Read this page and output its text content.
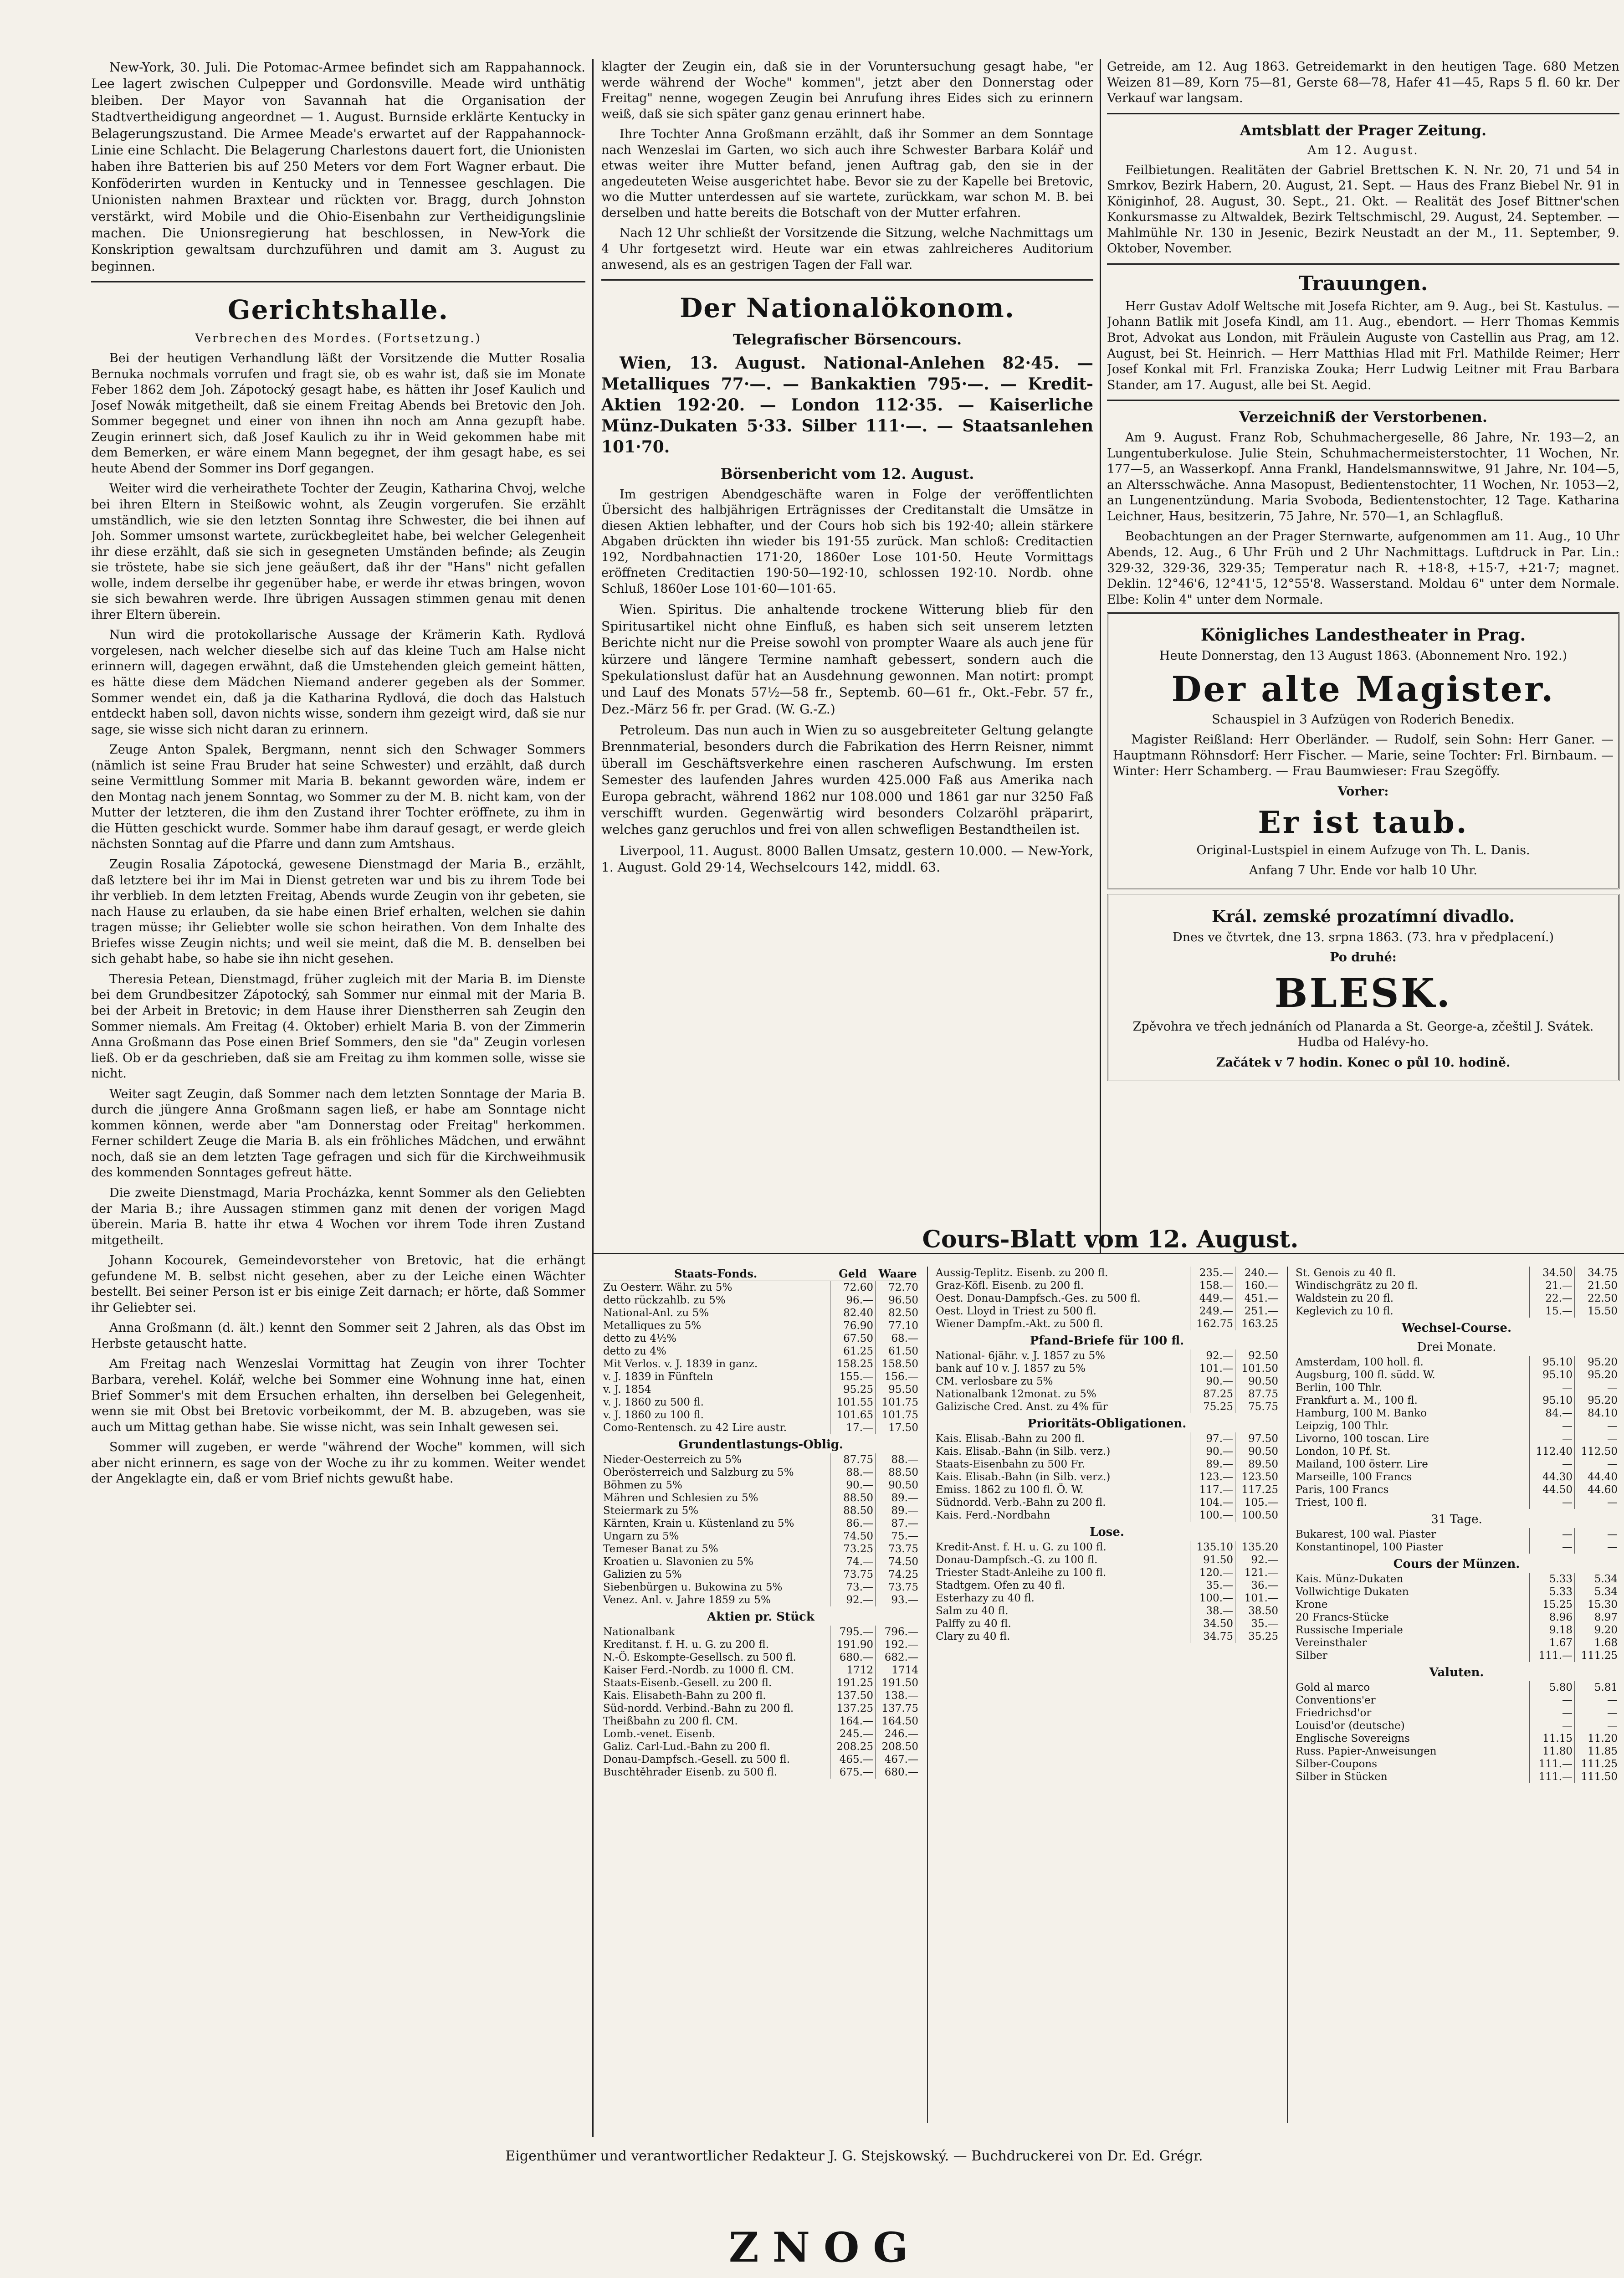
New-York, 30. Juli. Die Potomac-Armee befindet sich am Rappahannock. Lee lagert zwischen Culpepper und Gordonsville. Meade wird unthätig bleiben. Der Mayor von Savannah hat die Organisation der Stadtvertheidigung angeordnet — 1. August. Burnside erklärte Kentucky in Belagerungszustand. Die Armee Meade's erwartet auf der Rappahannock-Linie eine Schlacht. Die Belagerung Charlestons dauert fort, die Unionisten haben ihre Batterien bis auf 250 Meters vor dem Fort Wagner erbaut. Die Konföderirten wurden in Kentucky und in Tennessee geschlagen. Die Unionisten nahmen Braxtear und rückten vor. Bragg, durch Johnston verstärkt, wird Mobile und die Ohio-Eisenbahn zur Vertheidigungslinie machen. Die Unionsregierung hat beschlossen, in New-York die Konskription gewaltsam durchzuführen und damit am 3. August zu beginnen.

Gerichtshalle.
Verbrechen des Mordes. (Fortsetzung.)

Bei der heutigen Verhandlung läßt der Vorsitzende die Mutter Rosalia Bernuka nochmals vorrufen und fragt sie, ob es wahr ist, daß sie im Monate Feber 1862 dem Joh. Zápotocký gesagt habe, es hätten ihr Josef Kaulich und Josef Nowák mitgetheilt, daß sie einem Freitag Abends bei Bretovic den Joh. Sommer begegnet und einer von ihnen ihn noch am Anna gezupft habe. Zeugin erinnert sich, daß Josef Kaulich zu ihr in Weid gekommen habe mit dem Bemerken, er wäre einem Mann begegnet, der ihm gesagt habe, es sei heute Abend der Sommer ins Dorf gegangen.

Weiter wird die verheirathete Tochter der Zeugin, Katharina Chvoj, welche bei ihren Eltern in Steißowic wohnt, als Zeugin vorgerufen. Sie erzählt umständlich, wie sie den letzten Sonntag ihre Schwester, die bei ihnen auf Joh. Sommer umsonst wartete, zurückbegleitet habe, bei welcher Gelegenheit ihr diese erzählt, daß sie sich in gesegneten Umständen befinde; als Zeugin sie tröstete, habe sie sich jene geäußert, daß ihr der "Hans" nicht gefallen wolle, indem derselbe ihr gegenüber habe, er werde ihr etwas bringen, wovon sie sich bewahren werde. Ihre übrigen Aussagen stimmen genau mit denen ihrer Eltern überein.

Nun wird die protokollarische Aussage der Krämerin Kath. Rydlová vorgelesen, nach welcher dieselbe sich auf das kleine Tuch am Halse nicht erinnern will, dagegen erwähnt, daß die Umstehenden gleich gemeint hätten, es hätte diese dem Mädchen Niemand anderer gegeben als der Sommer. Sommer wendet ein, daß ja die Katharina Rydlová, die doch das Halstuch entdeckt haben soll, davon nichts wisse, sondern ihm gezeigt wird, daß sie nur sage, sie wisse sich nicht daran zu erinnern.

Zeuge Anton Spalek, Bergmann, nennt sich den Schwager Sommers (nämlich ist seine Frau Bruder hat seine Schwester) und erzählt, daß durch seine Vermittlung Sommer mit Maria B. bekannt geworden wäre, indem er den Montag nach jenem Sonntag, wo Sommer zu der M. B. nicht kam, von der Mutter der letzteren, die ihm den Zustand ihrer Tochter eröffnete, zu ihm in die Hütten geschickt wurde. Sommer habe ihm darauf gesagt, er werde gleich nächsten Sonntag auf die Pfarre und dann zum Amtshaus.

Zeugin Rosalia Zápotocká, gewesene Dienstmagd der Maria B., erzählt, daß letztere bei ihr im Mai in Dienst getreten war und bis zu ihrem Tode bei ihr verblieb. In dem letzten Freitag, Abends wurde Zeugin von ihr gebeten, sie nach Hause zu erlauben, da sie habe einen Brief erhalten, welchen sie dahin tragen müsse; ihr Geliebter wolle sie schon heirathen. Von dem Inhalte des Briefes wisse Zeugin nichts; und weil sie meint, daß die M. B. denselben bei sich gehabt habe, so habe sie ihn nicht gesehen.

Theresia Petean, Dienstmagd, früher zugleich mit der Maria B. im Dienste bei dem Grundbesitzer Zápotocký, sah Sommer nur einmal mit der Maria B. bei der Arbeit in Bretovic; in dem Hause ihrer Dienstherren sah Zeugin den Sommer niemals. Am Freitag (4. Oktober) erhielt Maria B. von der Zimmerin Anna Großmann das Pose einen Brief Sommers, den sie "da" Zeugin vorlesen ließ. Ob er da geschrieben, daß sie am Freitag zu ihm kommen solle, wisse sie nicht.

Weiter sagt Zeugin, daß Sommer nach dem letzten Sonntage der Maria B. durch die jüngere Anna Großmann sagen ließ, er habe am Sonntage nicht kommen können, werde aber "am Donnerstag oder Freitag" herkommen. Ferner schildert Zeuge die Maria B. als ein fröhliches Mädchen, und erwähnt noch, daß sie an dem letzten Tage gefragen und sich für die Kirchweihmusik des kommenden Sonntages gefreut hätte.

Die zweite Dienstmagd, Maria Procházka, kennt Sommer als den Geliebten der Maria B.; ihre Aussagen stimmen ganz mit denen der vorigen Magd überein. Maria B. hatte ihr etwa 4 Wochen vor ihrem Tode ihren Zustand mitgetheilt.

Johann Kocourek, Gemeindevorsteher von Bretovic, hat die erhängt gefundene M. B. selbst nicht gesehen, aber zu der Leiche einen Wächter bestellt. Bei seiner Person ist er bis einige Zeit darnach; er hörte, daß Sommer ihr Geliebter sei.

Anna Großmann (d. ält.) kennt den Sommer seit 2 Jahren, als das Obst im Herbste getauscht hatte.

Am Freitag nach Wenzeslai Vormittag hat Zeugin von ihrer Tochter Barbara, verehel. Kolář, welche bei Sommer eine Wohnung inne hat, einen Brief Sommer's mit dem Ersuchen erhalten, ihn derselben bei Gelegenheit, wenn sie mit Obst bei Bretovic vorbeikommt, der M. B. abzugeben, was sie auch um Mittag gethan habe. Sie wisse nicht, was sein Inhalt gewesen sei.

Sommer will zugeben, er werde "während der Woche" kommen, will sich aber nicht erinnern, es sage von der Woche zu ihr zu kommen. Weiter wendet der Angeklagte ein, daß er vom Brief nichts gewußt habe.

klagter der Zeugin ein, daß sie in der Voruntersuchung gesagt habe, "er werde während der Woche" kommen", jetzt aber den Donnerstag oder Freitag" nenne, wogegen Zeugin bei Anrufung ihres Eides sich zu erinnern weiß, daß sie sich später ganz genau erinnert habe.

Ihre Tochter Anna Großmann erzählt, daß ihr Sommer an dem Sonntage nach Wenzeslai im Garten, wo sich auch ihre Schwester Barbara Kolář und etwas weiter ihre Mutter befand, jenen Auftrag gab, den sie in der angedeuteten Weise ausgerichtet habe. Bevor sie zu der Kapelle bei Bretovic, wo die Mutter unterdessen auf sie wartete, zurückkam, war schon M. B. bei derselben und hatte bereits die Botschaft von der Mutter erfahren.

Nach 12 Uhr schließt der Vorsitzende die Sitzung, welche Nachmittags um 4 Uhr fortgesetzt wird. Heute war ein etwas zahlreicheres Auditorium anwesend, als es an gestrigen Tagen der Fall war.

Der Nationalökonom.
Telegrafischer Börsencours.

Wien, 13. August. National-Anlehen 82·45. — Metalliques 77·—. — Bankaktien 795·—. — Kredit-Aktien 192·20. — London 112·35. — Kaiserliche Münz-Dukaten 5·33. Silber 111·—. — Staatsanlehen 101·70.

Börsenbericht vom 12. August.

Im gestrigen Abendgeschäfte waren in Folge der veröffentlichten Übersicht des halbjährigen Erträgnisses der Creditanstalt die Umsätze in diesen Aktien lebhafter, und der Cours hob sich bis 192·40; allein stärkere Abgaben drückten ihn wieder bis 191·55 zurück. Man schloß: Creditactien 192, Nordbahnactien 171·20, 1860er Lose 101·50. Heute Vormittags eröffneten Creditactien 190·50—192·10, schlossen 192·10. Nordb. ohne Schluß, 1860er Lose 101·60—101·65.

Wien. Spiritus. Die anhaltende trockene Witterung blieb für den Spiritusartikel nicht ohne Einfluß, es haben sich seit unserem letzten Berichte nicht nur die Preise sowohl von prompter Waare als auch jene für kürzere und längere Termine namhaft gebessert, sondern auch die Spekulationslust dafür hat an Ausdehnung gewonnen. Man notirt: prompt und Lauf des Monats 57½—58 fr., Septemb. 60—61 fr., Okt.-Febr. 57 fr., Dez.-März 56 fr. per Grad. (W. G.-Z.)

Petroleum. Das nun auch in Wien zu so ausgebreiteter Geltung gelangte Brennmaterial, besonders durch die Fabrikation des Herrn Reisner, nimmt überall im Geschäftsverkehre einen rascheren Aufschwung. Im ersten Semester des laufenden Jahres wurden 425.000 Faß aus Amerika nach Europa gebracht, während 1862 nur 108.000 und 1861 gar nur 3250 Faß verschifft wurden. Gegenwärtig wird besonders Colzaröhl präparirt, welches ganz geruchlos und frei von allen schwefligen Bestandtheilen ist.

Liverpool, 11. August. 8000 Ballen Umsatz, gestern 10.000. — New-York, 1. August. Gold 29·14, Wechselcours 142, middl. 63.

Getreide, am 12. Aug 1863. Getreidemarkt in den heutigen Tage. 680 Metzen Weizen 81—89, Korn 75—81, Gerste 68—78, Hafer 41—45, Raps 5 fl. 60 kr. Der Verkauf war langsam.

Amtsblatt der Prager Zeitung.
Am 12. August.

Feilbietungen. Realitäten der Gabriel Brettschen K. N. Nr. 20, 71 und 54 in Smrkov, Bezirk Habern, 20. August, 21. Sept. — Haus des Franz Biebel Nr. 91 in Königinhof, 28. August, 30. Sept., 21. Okt. — Realität des Josef Bittner'schen Konkursmasse zu Altwaldek, Bezirk Teltschmischl, 29. August, 24. September. — Mahlmühle Nr. 130 in Jesenic, Bezirk Neustadt an der M., 11. September, 9. Oktober, November.

Trauungen.

Herr Gustav Adolf Weltsche mit Josefa Richter, am 9. Aug., bei St. Kastulus. — Johann Batlik mit Josefa Kindl, am 11. Aug., ebendort. — Herr Thomas Kemmis Brot, Advokat aus London, mit Fräulein Auguste von Castellin aus Prag, am 12. August, bei St. Heinrich. — Herr Matthias Hlad mit Frl. Mathilde Reimer; Herr Josef Konkal mit Frl. Franziska Zouka; Herr Ludwig Leitner mit Frau Barbara Stander, am 17. August, alle bei St. Aegid.

Verzeichniß der Verstorbenen.

Am 9. August. Franz Rob, Schuhmachergeselle, 86 Jahre, Nr. 193—2, an Lungentuberkulose. Julie Stein, Schuhmachermeisterstochter, 11 Wochen, Nr. 177—5, an Wasserkopf. Anna Frankl, Handelsmannswitwe, 91 Jahre, Nr. 104—5, an Altersschwäche. Anna Masopust, Bedientenstochter, 11 Wochen, Nr. 1053—2, an Lungenentzündung. Maria Svoboda, Bedientenstochter, 12 Tage. Katharina Leichner, Haus, besitzerin, 75 Jahre, Nr. 570—1, an Schlagfluß.

Beobachtungen an der Prager Sternwarte, aufgenommen am 11. Aug., 10 Uhr Abends, 12. Aug., 6 Uhr Früh und 2 Uhr Nachmittags. Luftdruck in Par. Lin.: 329·32, 329·36, 329·35; Temperatur nach R. +18·8, +15·7, +21·7; magnet. Deklin. 12°46'6, 12°41'5, 12°55'8. Wasserstand. Moldau 6" unter dem Normale. Elbe: Kolin 4" unter dem Normale.

Königliches Landestheater in Prag.

Heute Donnerstag, den 13 August 1863. (Abonnement Nro. 192.)

Der alte Magister.

Schauspiel in 3 Aufzügen von Roderich Benedix.

Magister Reißland: Herr Oberländer. — Rudolf, sein Sohn: Herr Ganer. — Hauptmann Röhnsdorf: Herr Fischer. — Marie, seine Tochter: Frl. Birnbaum. — Winter: Herr Schamberg. — Frau Baumwieser: Frau Szegöffy.

Vorher:

Er ist taub.

Original-Lustspiel in einem Aufzuge von Th. L. Danis.

Anfang 7 Uhr. Ende vor halb 10 Uhr.

Král. zemské prozatímní divadlo.

Dnes ve čtvrtek, dne 13. srpna 1863. (73. hra v předplacení.)

Po druhé:

BLESK.

Zpěvohra ve třech jednáních od Planarda a St. George-a, zčeštil J. Svátek. Hudba od Halévy-ho.

Začátek v 7 hodin. Konec o půl 10. hodině.

Cours-Blatt vom 12. August.
Staats-Fonds.	Geld	Waare
Zu Oesterr. Währ. zu 5%	72.60	72.70
detto rückzahlb. zu 5%	96.—	96.50
National-Anl. zu 5%	82.40	82.50
Metalliques zu 5%	76.90	77.10
detto zu 4½%	67.50	68.—
detto zu 4%	61.25	61.50
Mit Verlos. v. J. 1839 in ganz.	158.25	158.50
v. J. 1839 in Fünfteln	155.—	156.—
v. J. 1854	95.25	95.50
v. J. 1860 zu 500 fl.	101.55	101.75
v. J. 1860 zu 100 fl.	101.65	101.75
Como-Rentensch. zu 42 Lire austr.	17.—	17.50
Grundentlastungs-Oblig.		
Nieder-Oesterreich zu 5%	87.75	88.—
Oberösterreich und Salzburg zu 5%	88.—	88.50
Böhmen zu 5%	90.—	90.50
Mähren und Schlesien zu 5%	88.50	89.—
Steiermark zu 5%	88.50	89.—
Kärnten, Krain u. Küstenland zu 5%	86.—	87.—
Ungarn zu 5%	74.50	75.—
Temeser Banat zu 5%	73.25	73.75
Kroatien u. Slavonien zu 5%	74.—	74.50
Galizien zu 5%	73.75	74.25
Siebenbürgen u. Bukowina zu 5%	73.—	73.75
Venez. Anl. v. Jahre 1859 zu 5%	92.—	93.—
Aktien pr. Stück		
Nationalbank	795.—	796.—
Kreditanst. f. H. u. G. zu 200 fl.	191.90	192.—
N.-Ö. Eskompte-Gesellsch. zu 500 fl.	680.—	682.—
Kaiser Ferd.-Nordb. zu 1000 fl. CM.	1712	1714
Staats-Eisenb.-Gesell. zu 200 fl.	191.25	191.50
Kais. Elisabeth-Bahn zu 200 fl.	137.50	138.—
Süd-nordd. Verbind.-Bahn zu 200 fl.	137.25	137.75
Theißbahn zu 200 fl. CM.	164.—	164.50
Lomb.-venet. Eisenb.	245.—	246.—
Galiz. Carl-Lud.-Bahn zu 200 fl.	208.25	208.50
Donau-Dampfsch.-Gesell. zu 500 fl.	465.—	467.—
Buschtěhrader Eisenb. zu 500 fl.	675.—	680.—
Aussig-Teplitz. Eisenb. zu 200 fl.	235.—	240.—
Graz-Köfl. Eisenb. zu 200 fl.	158.—	160.—
Oest. Donau-Dampfsch.-Ges. zu 500 fl.	449.—	451.—
Oest. Lloyd in Triest zu 500 fl.	249.—	251.—
Wiener Dampfm.-Akt. zu 500 fl.	162.75	163.25
Pfand-Briefe für 100 fl.		
National- 6jähr. v. J. 1857 zu 5%	92.—	92.50
bank auf 10 v. J. 1857 zu 5%	101.—	101.50
CM. verlosbare zu 5%	90.—	90.50
Nationalbank 12monat. zu 5%	87.25	87.75
Galizische Cred. Anst. zu 4% für	75.25	75.75
Prioritäts-Obligationen.		
Kais. Elisab.-Bahn zu 200 fl.	97.—	97.50
Kais. Elisab.-Bahn (in Silb. verz.)	90.—	90.50
Staats-Eisenbahn zu 500 Fr.	89.—	89.50
Kais. Elisab.-Bahn (in Silb. verz.)	123.—	123.50
Emiss. 1862 zu 100 fl. Ö. W.	117.—	117.25
Südnordd. Verb.-Bahn zu 200 fl.	104.—	105.—
Kais. Ferd.-Nordbahn	100.—	100.50
Lose.		
Kredit-Anst. f. H. u. G. zu 100 fl.	135.10	135.20
Donau-Dampfsch.-G. zu 100 fl.	91.50	92.—
Triester Stadt-Anleihe zu 100 fl.	120.—	121.—
Stadtgem. Ofen zu 40 fl.	35.—	36.—
Esterhazy zu 40 fl.	100.—	101.—
Salm zu 40 fl.	38.—	38.50
Palffy zu 40 fl.	34.50	35.—
Clary zu 40 fl.	34.75	35.25
St. Genois zu 40 fl.	34.50	34.75
Windischgrätz zu 20 fl.	21.—	21.50
Waldstein zu 20 fl.	22.—	22.50
Keglevich zu 10 fl.	15.—	15.50
Wechsel-Course.		
Drei Monate.		
Amsterdam, 100 holl. fl.	95.10	95.20
Augsburg, 100 fl. südd. W.	95.10	95.20
Berlin, 100 Thlr.	—	—
Frankfurt a. M., 100 fl.	95.10	95.20
Hamburg, 100 M. Banko	84.—	84.10
Leipzig, 100 Thlr.	—	—
Livorno, 100 toscan. Lire	—	—
London, 10 Pf. St.	112.40	112.50
Mailand, 100 österr. Lire	—	—
Marseille, 100 Francs	44.30	44.40
Paris, 100 Francs	44.50	44.60
Triest, 100 fl.	—	—
31 Tage.		
Bukarest, 100 wal. Piaster	—	—
Konstantinopel, 100 Piaster	—	—
Cours der Münzen.		
Kais. Münz-Dukaten	5.33	5.34
Vollwichtige Dukaten	5.33	5.34
Krone	15.25	15.30
20 Francs-Stücke	8.96	8.97
Russische Imperiale	9.18	9.20
Vereinsthaler	1.67	1.68
Silber	111.—	111.25
Valuten.		
Gold al marco	5.80	5.81
Conventions'er	—	—
Friedrichsd'or	—	—
Louisd'or (deutsche)	—	—
Englische Sovereigns	11.15	11.20
Russ. Papier-Anweisungen	11.80	11.85
Silber-Coupons	111.—	111.25
Silber in Stücken	111.—	111.50
Eigenthümer und verantwortlicher Redakteur J. G. Stejskowský. — Buchdruckerei von Dr. Ed. Grégr.
ZNOG
